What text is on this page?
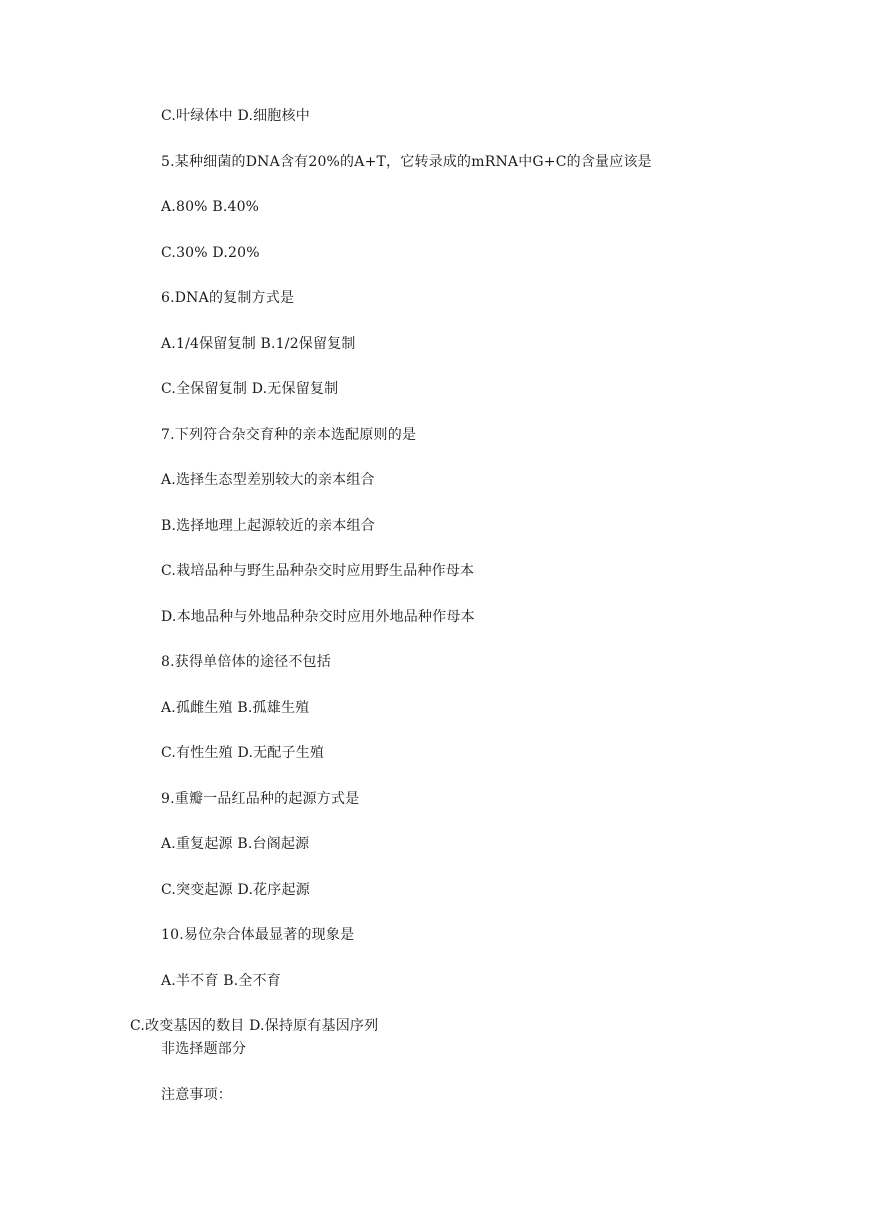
C.叶绿体中 D.细胞核中
5.某种细菌的DNA含有20%的A+T，它转录成的mRNA中G+C的含量应该是
A.80% B.40%
C.30% D.20%
6.DNA的复制方式是
A.1/4保留复制 B.1/2保留复制
C.全保留复制 D.无保留复制
7.下列符合杂交育种的亲本选配原则的是
A.选择生态型差别较大的亲本组合
B.选择地理上起源较近的亲本组合
C.栽培品种与野生品种杂交时应用野生品种作母本
D.本地品种与外地品种杂交时应用外地品种作母本
8.获得单倍体的途径不包括
A.孤雌生殖 B.孤雄生殖
C.有性生殖 D.无配子生殖
9.重瓣一品红品种的起源方式是
A.重复起源 B.台阁起源
C.突变起源 D.花序起源
10.易位杂合体最显著的现象是
A.半不育 B.全不育
C.改变基因的数目 D.保持原有基因序列
非选择题部分
注意事项：
